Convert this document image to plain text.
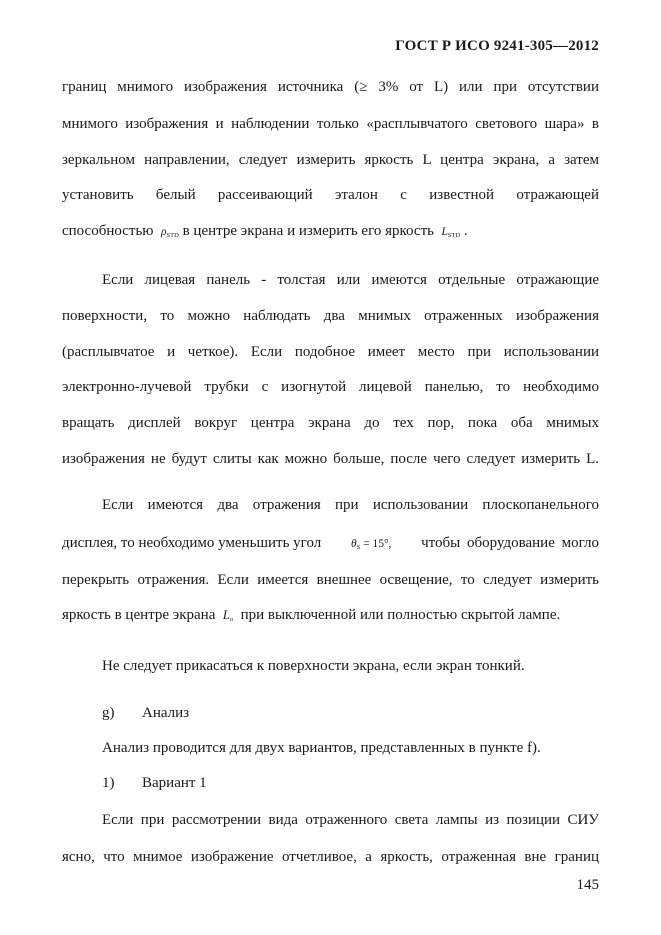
ГОСТ Р ИСО 9241-305—2012
границ мнимого изображения источника (≥ 3% от L) или при отсутствии
мнимого изображения и наблюдении только «расплывчатого светового шара» в
зеркальном направлении, следует измерить яркость L центра экрана, а затем
установить белый рассеивающий эталон с известной отражающей
способностью $\rho_{STD}$ в центре экрана и измерить его яркость $L_{STD}$ .
Если лицевая панель - толстая или имеются отдельные отражающие
поверхности, то можно наблюдать два мнимых отраженных изображения
(расплывчатое и четкое). Если подобное имеет место при использовании
электронно-лучевой трубки с изогнутой лицевой панелью, то необходимо
вращать дисплей вокруг центра экрана до тех пор, пока оба мнимых
изображения не будут слиты как можно больше, после чего следует измерить L.
Если имеются два отражения при использовании плоскопанельного
дисплея, то необходимо уменьшить угол	$\theta_S = 15^\circ$, чтобы оборудование могло
перекрыть отражения. Если имеется внешнее освещение, то следует измерить
яркость в центре экрана $L_o$ при выключенной или полностью скрытой лампе.
Не следует прикасаться к поверхности экрана, если экран тонкий.
g) Анализ
Анализ проводится для двух вариантов, представленных в пункте f).
1) Вариант 1
Если при рассмотрении вида отраженного света лампы из позиции СИУ
ясно, что мнимое изображение отчетливое, а яркость, отраженная вне границ
145
